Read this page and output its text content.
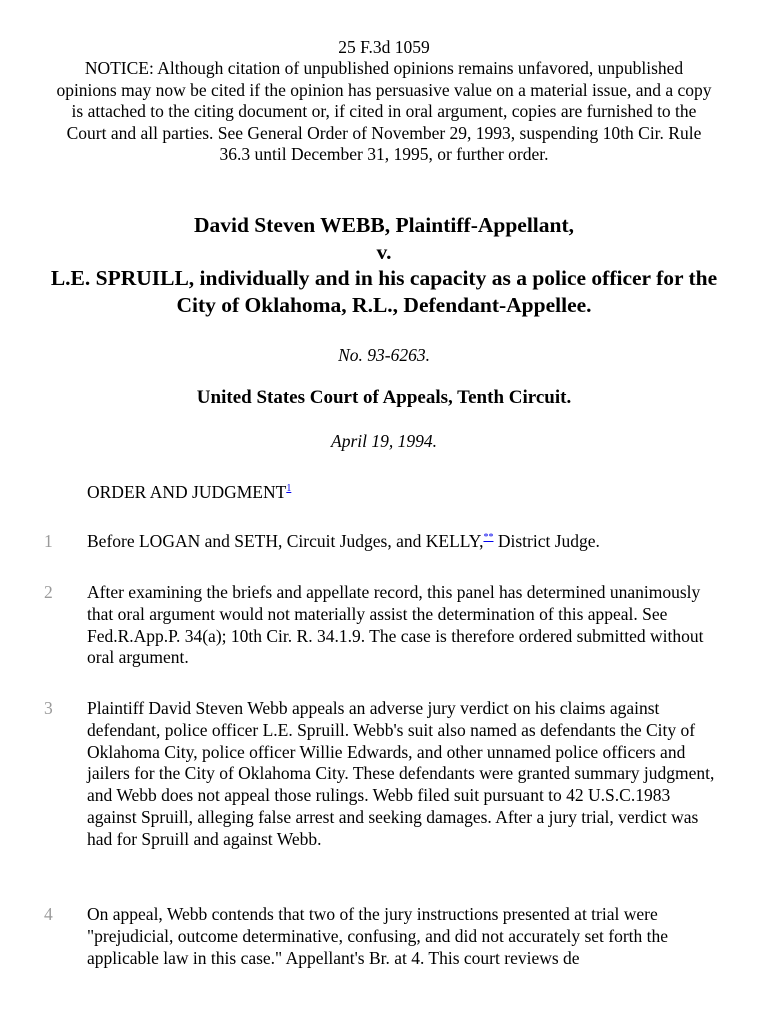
25 F.3d 1059
NOTICE: Although citation of unpublished opinions remains unfavored, unpublished opinions may now be cited if the opinion has persuasive value on a material issue, and a copy is attached to the citing document or, if cited in oral argument, copies are furnished to the Court and all parties. See General Order of November 29, 1993, suspending 10th Cir. Rule 36.3 until December 31, 1995, or further order.
David Steven WEBB, Plaintiff-Appellant,
v.
L.E. SPRUILL, individually and in his capacity as a police officer for the City of Oklahoma, R.L., Defendant-Appellee.
No. 93-6263.
United States Court of Appeals, Tenth Circuit.
April 19, 1994.
ORDER AND JUDGMENT$^1$
1 Before LOGAN and SETH, Circuit Judges, and KELLY,** District Judge.
2 After examining the briefs and appellate record, this panel has determined unanimously that oral argument would not materially assist the determination of this appeal. See Fed.R.App.P. 34(a); 10th Cir. R. 34.1.9. The case is therefore ordered submitted without oral argument.
3 Plaintiff David Steven Webb appeals an adverse jury verdict on his claims against defendant, police officer L.E. Spruill. Webb's suit also named as defendants the City of Oklahoma City, police officer Willie Edwards, and other unnamed police officers and jailers for the City of Oklahoma City. These defendants were granted summary judgment, and Webb does not appeal those rulings. Webb filed suit pursuant to 42 U.S.C.1983 against Spruill, alleging false arrest and seeking damages. After a jury trial, verdict was had for Spruill and against Webb.
4 On appeal, Webb contends that two of the jury instructions presented at trial were "prejudicial, outcome determinative, confusing, and did not accurately set forth the applicable law in this case." Appellant's Br. at 4. This court reviews de
